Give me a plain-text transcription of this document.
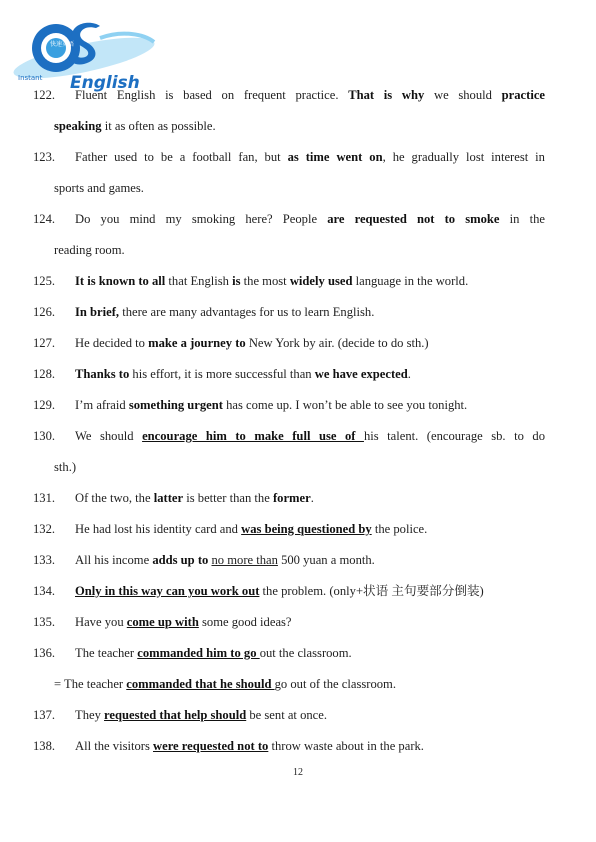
快速英语
Instant English
122. Fluent English is based on frequent practice. That is why we should practice
speaking it as often as possible.
123. Father used to be a football fan, but as time went on, he gradually lost interest in
sports and games.
124. Do you mind my smoking here? People are requested not to smoke in the
reading room.
125. It is known to all that English is the most widely used language in the world.
126. In brief, there are many advantages for us to learn English.
127. He decided to make a journey to New York by air. (decide to do sth.)
128. Thanks to his effort, it is more successful than we have expected.
129. I’m afraid something urgent has come up. I won’t be able to see you tonight.
130. We should encourage him to make full use of his talent. (encourage sb. to do
sth.)
131. Of the two, the latter is better than the former.
132. He had lost his identity card and was being questioned by the police.
133. All his income adds up to no more than 500 yuan a month.
134. Only in this way can you work out the problem. (only+状语 主句要部分倒装)
135. Have you come up with some good ideas?
136. The teacher commanded him to go out the classroom.
= The teacher commanded that he should go out of the classroom.
137. They requested that help should be sent at once.
138. All the visitors were requested not to throw waste about in the park.
12
